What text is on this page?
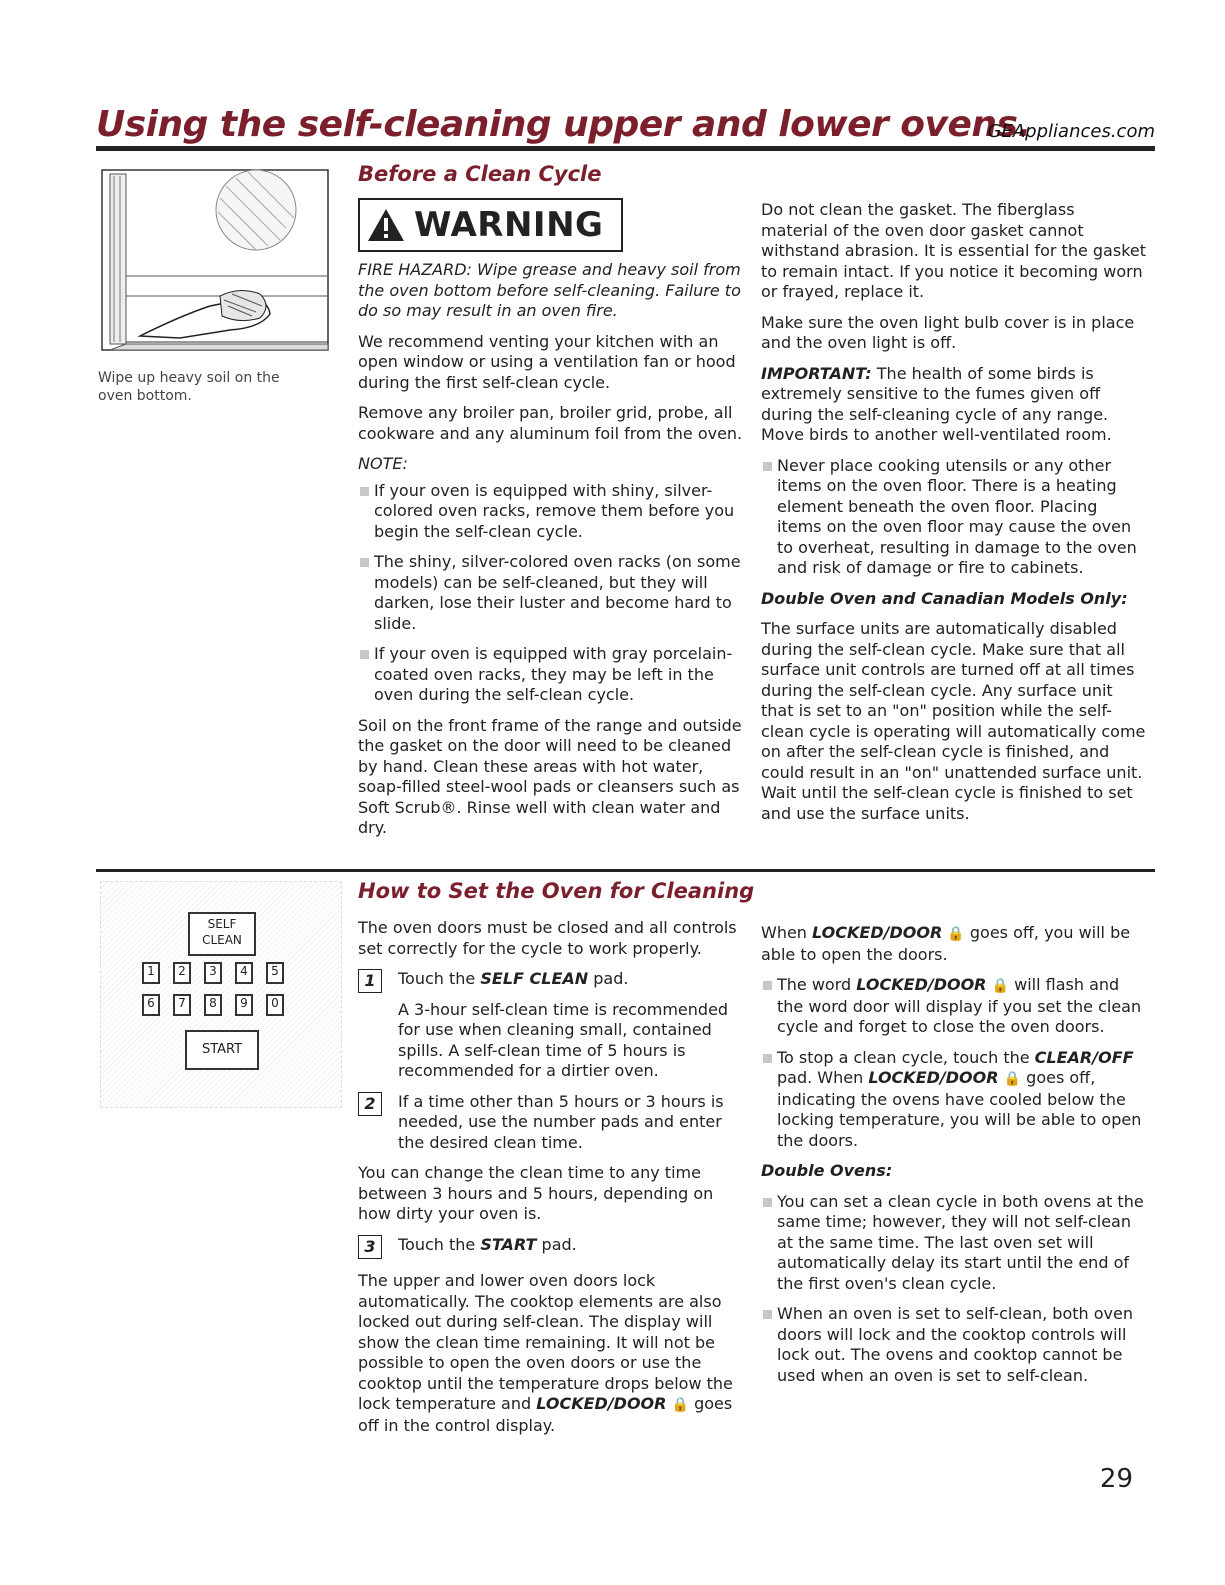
Using the self-cleaning upper and lower ovens.
GEAppliances.com
Wipe up heavy soil on the oven bottom.
Before a Clean Cycle
WARNING

FIRE HAZARD: Wipe grease and heavy soil from the oven bottom before self-cleaning. Failure to do so may result in an oven fire.

We recommend venting your kitchen with an open window or using a ventilation fan or hood during the first self-clean cycle.

Remove any broiler pan, broiler grid, probe, all cookware and any aluminum foil from the oven.

NOTE:

If your oven is equipped with shiny, silver-colored oven racks, remove them before you begin the self-clean cycle.
The shiny, silver-colored oven racks (on some models) can be self-cleaned, but they will darken, lose their luster and become hard to slide.
If your oven is equipped with gray porcelain-coated oven racks, they may be left in the oven during the self-clean cycle.

Soil on the front frame of the range and outside the gasket on the door will need to be cleaned by hand. Clean these areas with hot water, soap-filled steel-wool pads or cleansers such as Soft Scrub®. Rinse well with clean water and dry.

Do not clean the gasket. The fiberglass material of the oven door gasket cannot withstand abrasion. It is essential for the gasket to remain intact. If you notice it becoming worn or frayed, replace it.

Make sure the oven light bulb cover is in place and the oven light is off.

IMPORTANT: The health of some birds is extremely sensitive to the fumes given off during the self-cleaning cycle of any range. Move birds to another well-ventilated room.

Never place cooking utensils or any other items on the oven floor. There is a heating element beneath the oven floor. Placing items on the oven floor may cause the oven to overheat, resulting in damage to the oven and risk of damage or fire to cabinets.

Double Oven and Canadian Models Only:

The surface units are automatically disabled during the self-clean cycle. Make sure that all surface unit controls are turned off at all times during the self-clean cycle. Any surface unit that is set to an "on" position while the self-clean cycle is operating will automatically come on after the self-clean cycle is finished, and could result in an "on" unattended surface unit. Wait until the self-clean cycle is finished to set and use the surface units.

SELF
CLEAN
1	2	3	4	5
6	7	8	9	0
START
How to Set the Oven for Cleaning

The oven doors must be closed and all controls set correctly for the cycle to work properly.

1	Touch the SELF CLEAN pad.

A 3-hour self-clean time is recommended for use when cleaning small, contained spills. A self-clean time of 5 hours is recommended for a dirtier oven.

2	If a time other than 5 hours or 3 hours is needed, use the number pads and enter the desired clean time.

You can change the clean time to any time between 3 hours and 5 hours, depending on how dirty your oven is.

3	Touch the START pad.

The upper and lower oven doors lock automatically. The cooktop elements are also locked out during self-clean. The display will show the clean time remaining. It will not be possible to open the oven doors or use the cooktop until the temperature drops below the lock temperature and LOCKED/DOOR 🔒 goes off in the control display.

When LOCKED/DOOR 🔒 goes off, you will be able to open the doors.

The word LOCKED/DOOR 🔒 will flash and the word door will display if you set the clean cycle and forget to close the oven doors.
To stop a clean cycle, touch the CLEAR/OFF pad. When LOCKED/DOOR 🔒 goes off, indicating the ovens have cooled below the locking temperature, you will be able to open the doors.

Double Ovens:

You can set a clean cycle in both ovens at the same time; however, they will not self-clean at the same time. The last oven set will automatically delay its start until the end of the first oven's clean cycle.
When an oven is set to self-clean, both oven doors will lock and the cooktop controls will lock out. The ovens and cooktop cannot be used when an oven is set to self-clean.
29
